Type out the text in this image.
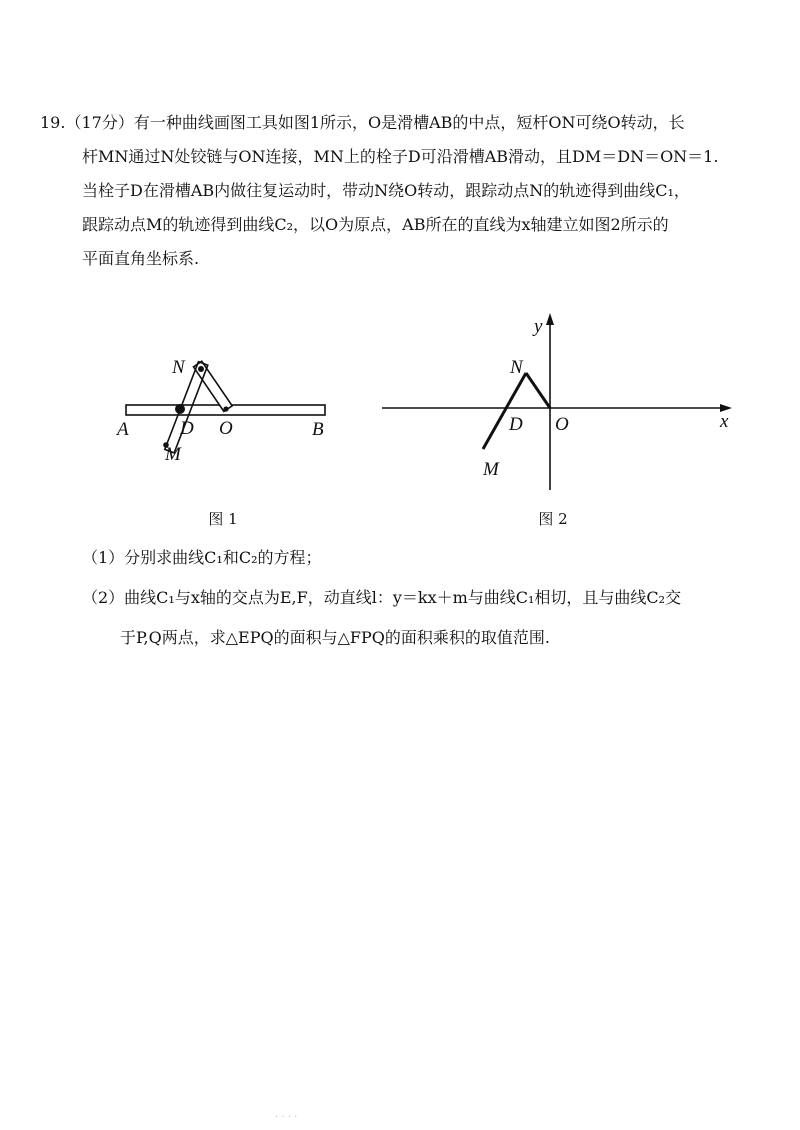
19.（17分）有一种曲线画图工具如图1所示，O是滑槽AB的中点，短杆ON可绕O转动，长

杆MN通过N处铰链与ON连接，MN上的栓子D可沿滑槽AB滑动，且DM＝DN＝ON＝1.

当栓子D在滑槽AB内做往复运动时，带动N绕O转动，跟踪动点N的轨迹得到曲线C₁，

跟踪动点M的轨迹得到曲线C₂，以O为原点，AB所在的直线为x轴建立如图2所示的

平面直角坐标系.

N
A	D O	B
M
y
N
D O	x
M
图 1	图 2

（1）分别求曲线C₁和C₂的方程；

（2）曲线C₁与x轴的交点为E,F，动直线l：y＝kx＋m与曲线C₁相切，且与曲线C₂交

于P,Q两点，求△EPQ的面积与△FPQ的面积乘积的取值范围.

· · · ·
